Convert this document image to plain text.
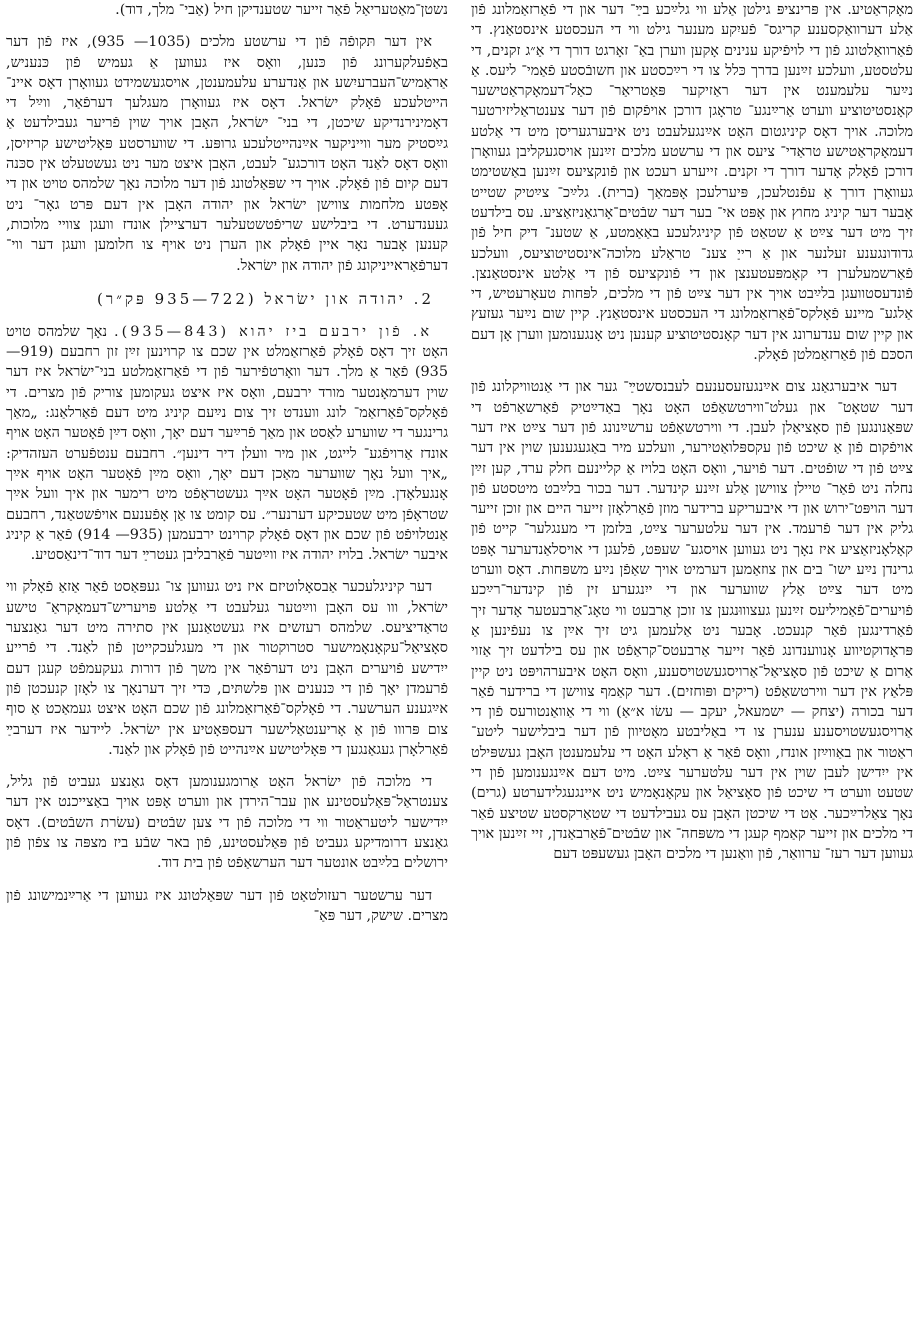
מאָקראַטיע. אין פּרינציפּ גילטן אַלע ווי גלײַכע בײַ־ דער און די פֿאַרזאַמלונג פֿון אַלע דערוואַקסענע קריגס־ פֿעיִקע מענער גילט ווי די העכסטע אינסטאַנץ. די פֿאַרוואַלטונג פֿון די לויפֿיקע ענינים אָקען ווערן באַ־ זאָרגט דורך די אַ״ג זקנים, די עלטסטע, וועלכע זײַנען בדרך כּלל צו די רײַכסטע און חשובֿסטע פֿאַמי־ ליעס. אַ נײַער עלעמענט אין דער ראַזיקער פּאַטריאַר־ כאַל־דעמאָקראַטישער קאָנסטיטוציע ווערט אַרײַנגע־ טראָגן דורכן אויפֿקום פֿון דער צענטראַליזירטער מלוכה. אויך דאָס קיניגטום האָט אײַנגעלעבט ניט איבערגעריסן מיט די אַלטע דעמאָקראַטישע טראַדי־ ציעס און די ערשטע מלכים זײַנען אויסגעקליבן געוואָרן דורכן פֿאָלק אָדער דורך די זקנים. זייערע רעכט און פֿונקציעס זײַנען באַשטימט געוואָרן דורך אַ עפֿנטלעכן, פּיערלעכן אָפּמאַך (ברית). גלײַכ־ צײַטיק שטייט אָבער דער קיניג מחוץ און אָפּט אי־ בער דער שבֿטים־אָרגאַניזאַציע. עס בילדעט זיך מיט דער צײַט אַ שטאַט פֿון קיניגלעכע באַאַמטע, אַ שטענ־ דיק חיל פֿון גדודונגענע זעלנער און אַ רייַ צענ־ טראַלע מלוכה־אינסטיטוציעס, וועלכע פֿאַרשמעלערן די קאָמפּעטענצן און די פֿונקציעס פֿון די אַלטע אינסטאַנצן. פֿונדעסטוועגן בלײַבט אויך אין דער צײַט פֿון די מלכים, לפּחות טעאָרעטיש, די אַלגע־ מיינע פֿאָלקס־פֿאַרזאַמלונג די העכסטע אינסטאַנץ. קיין שום נײַער געזעץ און קיין שום ענדערונג אין דער קאָנסטיטוציע קענען ניט אָנגענומען ווערן אָן דעם הסכּם פֿון פֿאַרזאַמלטן פֿאָלק.

דער איבערגאַנג צום אײַנגעזעסענעם לעבנסשטײַ־ גער און די אַנטוויקלונג פֿון דער שטאָט־ און געלט־ווירטשאַפֿט האָט נאָך באַדײַטיק פֿאַרשאַרפֿט די שפּאַנונגען פֿון סאָציאַלן לעבן. די ווירטשאַפֿט ערשײַנונג פֿון דער צײַט איז דער אויפֿקום פֿון אַ שיכט פֿון עקספּלואַטירער, וועלכע מיר באַגעגענען שוין אין דער צײַט פֿון די שופֿטים. דער פֿויער, וואָס האָט בלויז אַ קליינעם חלק ערד, קען זײַן נחלה ניט פֿאַר־ טיילן צווישן אַלע זײַנע קינדער. דער בכור בלײַבט מיטסטע פֿון דער הויפּט־ירוש און די איבעריקע ברידער מוזן פֿאַרלאָזן זייער היים און זוכן זייער גליק אין דער פֿרעמד. אין דער עלטערער צײַט, בּלזמן די מענגלער־ קייט פֿון קאָלאָניזאַציע איז נאָך ניט געווען אויסגע־ שעפּט, פֿלעגן די אויסלאַנדערער אָפּט גרינדן נײַע ישו־ בים און צוזאַמען דערמיט אויך שאַפֿן נײַע משפּחות. דאָס ווערט מיט דער צײַט אַלץ שווערער און די ייִנגערע זין פֿון קינדער־רײַכע פֿויערים־פֿאַמיליעס זײַנען געצוווּנגען צו זוכן אַרבעט ווי טאָג־אַרבעטער אָדער זיך פֿאַרדינגען פֿאַר קנעכט. אָבער ניט אַלעמען גיט זיך אײַן צו נעפֿינען אַ פּראָדוקטיווע אָנווענדונג פֿאַר זייער אַרבעטס־קראַפֿט און עס בילדעט זיך אַזוי אַרום אַ שיכט פֿון סאָציאַל־אַרויסגעשטויסענע, וואָס האָט איבערהויפּט ניט קיין פּלאַץ אין דער ווירטשאַפֿט (ריקים ופּוחזים). דער קאַמף צווישן די ברידער פֿאַר דער בכורה (יצחק — ישמעאל, יעקב — עשׂו א״אַ) ווי די אַוואַנטורעס פֿון די אַרויסגעשטויסענע ענערן צו די באַליבטע מאָטיוון פֿון דער ביבלישער ליטע־ ראַטור און באַווײַזן אונדז, וואָס פֿאַר אַ ראָלע האָט די עלעמענטן האָבן געשפּילט אין ייִדישן לעבן שוין אין דער עלטערער צײַט. מיט דעם אײַנגענומען פֿון די שטעט ווערט די שיכט פֿון סאָציאַל און עקאָנאָמיש ניט איינגעגלידערטע (גרים) נאָך צאַלרײַכער. אַט די שיכטן האָבן עס געבילדעט די שטאַרקסטע שטיצע פֿאַר די מלכים און זייער קאַמף קעגן די משפּחה־ און שבֿטים־פֿאַרבאַנדן, זיי זײַנען אויך געווען דער רעז־ ערוואַר, פֿון וואַנען די מלכים האָבן געשעפּט דעם

נשטן־מאַטעריאַל פֿאַר זייער שטענדיקן חיל (אַבי־ מלך, דוד).

אין דער תּקופֿה פֿון די ערשטע מלכים (1035— 935), איז פֿון דער באַפֿעלקערונג פֿון כּנען, וואָס איז געווען אַ געמיש פֿון כּנעניש, אַראַמיש־העברעיִשע און אַנדערע עלעמענטן, אויסגעשמידט געוואָרן דאָס איינ־ הייטלעכע פֿאָלק ישׂראל. דאָס איז געוואָרן מעגלעך דערפֿאַר, ווײַל די דאָמינירנדיקע שיכטן, די בני־ ישׂראל, האָבן אויך שוין פֿריער געבילדעט אַ גײַסטיק מער ווייניקער אײַנהייטלעכע גרופּע. די שווערסטע פּאָליטישע קריזיסן, וואָס דאָס לאַנד האָט דורכגע־ לעבט, האָבן איצט מער ניט געשטעלט אין סכּנה דעם קיום פֿון פֿאָלק. אויך די שפּאַלטונג פֿון דער מלוכה נאָך שלמהס טויט און די אָפּטע מלחמות צווישן ישׂראל און יהודה האָבן אין דעם פּרט גאָר־ ניט געענדערט. די ביבלישע שריפֿטשטעלער דערציילן אונדז וועגן צוויי מלוכות, קענען אָבער נאָר איין פֿאָלק און הערן ניט אויף צו חלומען וועגן דער ווי־ דערפֿאַראייניקונג פֿון יהודה און ישׂראל.

2. יהודה און ישׂראל (722—935 פּק״ר)

א. פֿון ירבעם ביז יהוא (843—935). נאָך שלמהס טויט האָט זיך דאָס פֿאָלק פֿאַרזאַמלט אין שכם צו קרוינען זײַן זון רחבעם (919—935) פֿאַר אַ מלך. דער וואָרטפֿירער פֿון די פֿאַרזאַמלטע בני־ישׂראל איז דער שוין דערמאָנטער מורד ירבעם, וואָס איז איצט געקומען צוריק פֿון מצרים. די פֿאָלקס־פֿאַרזאַמ־ לונג ווענדט זיך צום נײַעם קיניג מיט דעם פֿאַרלאַנג: „מאַך גרינגער די שווערע לאַסט און מאַך פֿרײַער דעם יאָך, וואָס דײַן פֿאָטער האָט אויף אונדז אַרויפֿגע־ לייגט, און מיר וועלן דיר דינען״. רחבעם ענטפֿערט העזהדיק: „איך וועל נאָך שווערער מאַכן דעם יאָך, וואָס מײַן פֿאָטער האָט אויף אײַך אָנגעלאָדן. מײַן פֿאָטער האָט אײַך געשטראָפֿט מיט רימער און איך וועל אײַך שטראָפֿן מיט שטעכיקע דערנער״. עס קומט צו אַן אָפֿענעם אויפֿשטאַנד, רחבעם אַנטלויפֿט פֿון שכם און דאָס פֿאָלק קרוינט ירבעמען (935— 914) פֿאַר אַ קיניג איבער ישׂראל. בלויז יהודה איז ווײַטער פֿאַרבליבן געטרײַ דער דוד־דינאַסטיע.

דער קיניגלעכער אַבסאָלוטיזם איז ניט געווען צו־ געפּאַסט פֿאַר אַזאַ פֿאָלק ווי ישׂראל, ווו עס האָבן ווײַטער געלעבט די אַלטע פּויעריש־דעמאָקראַ־ טישע טראַדיציעס. שלמהס רעזשים איז געשטאַנען אין סתירה מיט דער גאַנצער סאָציאַל־עקאָנאָמישער סטרוקטור און די מעגלעכקייטן פֿון לאַנד. די פֿרייע ייִדישע פֿויערים האָבן ניט דערפֿאַר אין משך פֿון דורות געקעמפֿט קעגן דעם פֿרעמדן יאָך פֿון די כּנענים און פּלשתּים, כּדי זיך דערנאָך צו לאָזן קנעכטן פֿון אײַגענע הערשער. די פֿאָלקס־פֿאַרזאַמלונג פֿון שכם האָט איצט געמאַכט אַ סוף צום פּרווו פֿון אַ אָריענטאַלישער דעספּאָטיע אין ישׂראל. ליידער איז דערבײַ פֿאַרלאָרן געגאַנגען די פּאָליטישע אײַנהייט פֿון פֿאָלק און לאַנד.

די מלוכה פֿון ישׂראל האָט אַרומגענומען דאָס גאַנצע געביט פֿון גליל, צענטראַל־פּאַלעסטינע און עבר־הירדן און ווערט אָפּט אויך באַצייכנט אין דער ייִדישער ליטעראַטור ווי די מלוכה פֿון די צען שבֿטים (עשׂרת השבֿטים). דאָס גאַנצע דרומדיקע געביט פֿון פּאַלעסטינע, פֿון באר שבֿע ביז מצפּה צו צפֿון פֿון ירושלים בלײַבט אונטער דער הערשאַפֿט פֿון בית דוד.

דער ערשטער רעזולטאַט פֿון דער שפּאַלטונג איז געווען די אַרײַנמישונג פֿון מצרים. שישק, דער פּאַ־
